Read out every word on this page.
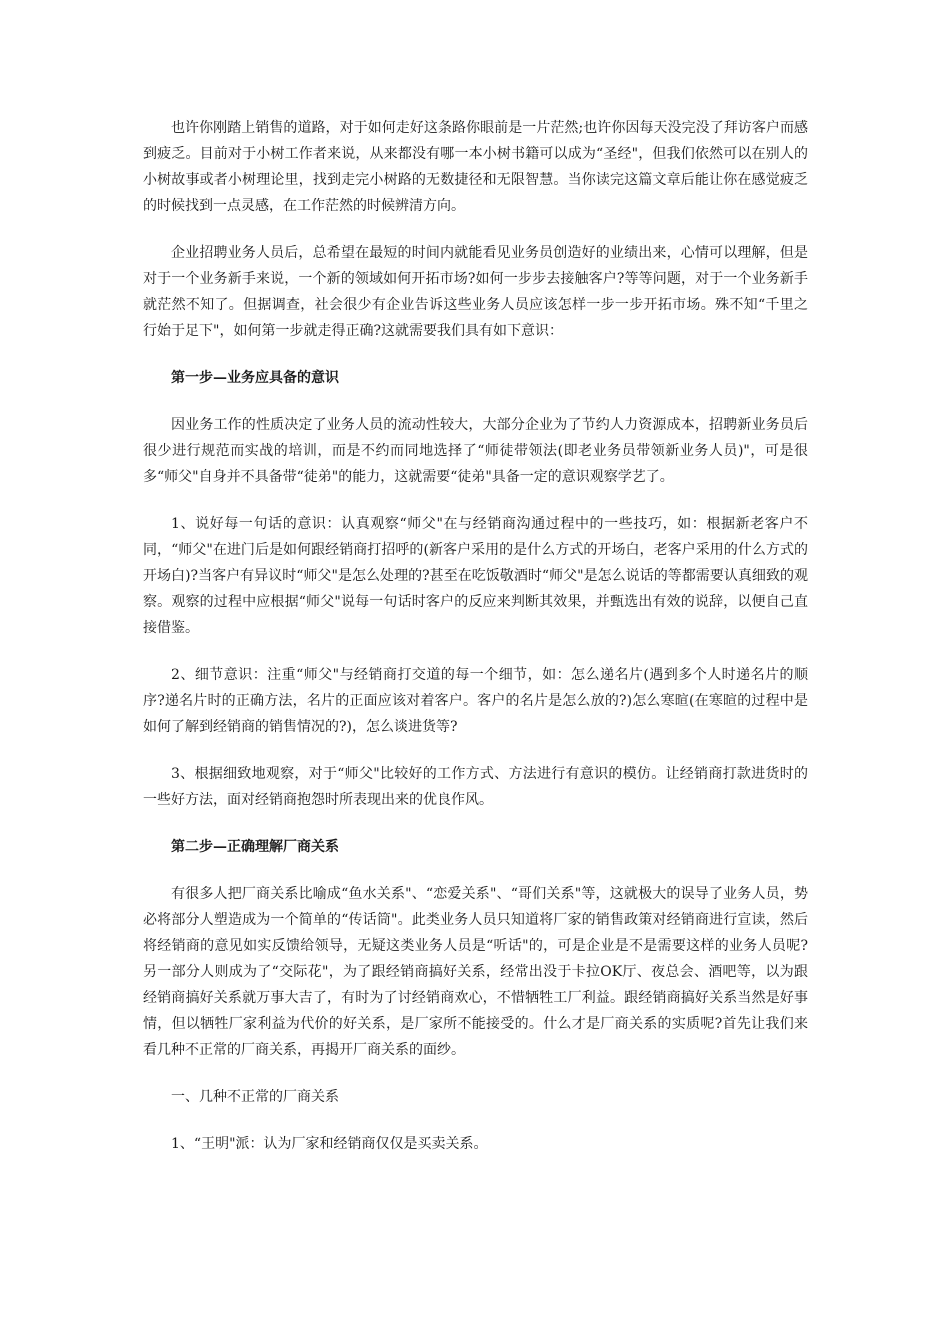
也许你刚踏上销售的道路，对于如何走好这条路你眼前是一片茫然;也许你因每天没完没了拜访客户而感到疲乏。目前对于小树工作者来说，从来都没有哪一本小树书籍可以成为“圣经"，但我们依然可以在别人的小树故事或者小树理论里，找到走完小树路的无数捷径和无限智慧。当你读完这篇文章后能让你在感觉疲乏的时候找到一点灵感，在工作茫然的时候辨清方向。

企业招聘业务人员后，总希望在最短的时间内就能看见业务员创造好的业绩出来，心情可以理解，但是对于一个业务新手来说，一个新的领域如何开拓市场?如何一步步去接触客户?等等问题，对于一个业务新手就茫然不知了。但据调查，社会很少有企业告诉这些业务人员应该怎样一步一步开拓市场。殊不知“千里之行始于足下"，如何第一步就走得正确?这就需要我们具有如下意识：

第一步—业务应具备的意识

因业务工作的性质决定了业务人员的流动性较大，大部分企业为了节约人力资源成本，招聘新业务员后很少进行规范而实战的培训，而是不约而同地选择了“师徒带领法(即老业务员带领新业务人员)"，可是很多“师父"自身并不具备带“徒弟"的能力，这就需要“徒弟"具备一定的意识观察学艺了。

1、说好每一句话的意识：认真观察“师父"在与经销商沟通过程中的一些技巧，如：根据新老客户不同，“师父"在进门后是如何跟经销商打招呼的(新客户采用的是什么方式的开场白，老客户采用的什么方式的开场白)?当客户有异议时“师父"是怎么处理的?甚至在吃饭敬酒时“师父"是怎么说话的等都需要认真细致的观察。观察的过程中应根据“师父"说每一句话时客户的反应来判断其效果，并甄选出有效的说辞，以便自己直接借鉴。

2、细节意识：注重“师父"与经销商打交道的每一个细节，如：怎么递名片(遇到多个人时递名片的顺序?递名片时的正确方法，名片的正面应该对着客户。客户的名片是怎么放的?)怎么寒暄(在寒暄的过程中是如何了解到经销商的销售情况的?)，怎么谈进货等?

3、根据细致地观察，对于“师父"比较好的工作方式、方法进行有意识的模仿。让经销商打款进货时的一些好方法，面对经销商抱怨时所表现出来的优良作风。

第二步—正确理解厂商关系

有很多人把厂商关系比喻成“鱼水关系"、“恋爱关系"、“哥们关系"等，这就极大的误导了业务人员，势必将部分人塑造成为一个简单的“传话筒"。此类业务人员只知道将厂家的销售政策对经销商进行宣读，然后将经销商的意见如实反馈给领导，无疑这类业务人员是“听话"的，可是企业是不是需要这样的业务人员呢?另一部分人则成为了“交际花"，为了跟经销商搞好关系，经常出没于卡拉OK厅、夜总会、酒吧等，以为跟经销商搞好关系就万事大吉了，有时为了讨经销商欢心，不惜牺牲工厂利益。跟经销商搞好关系当然是好事情，但以牺牲厂家利益为代价的好关系，是厂家所不能接受的。什么才是厂商关系的实质呢?首先让我们来看几种不正常的厂商关系，再揭开厂商关系的面纱。

一、几种不正常的厂商关系

1、“王明"派：认为厂家和经销商仅仅是买卖关系。
